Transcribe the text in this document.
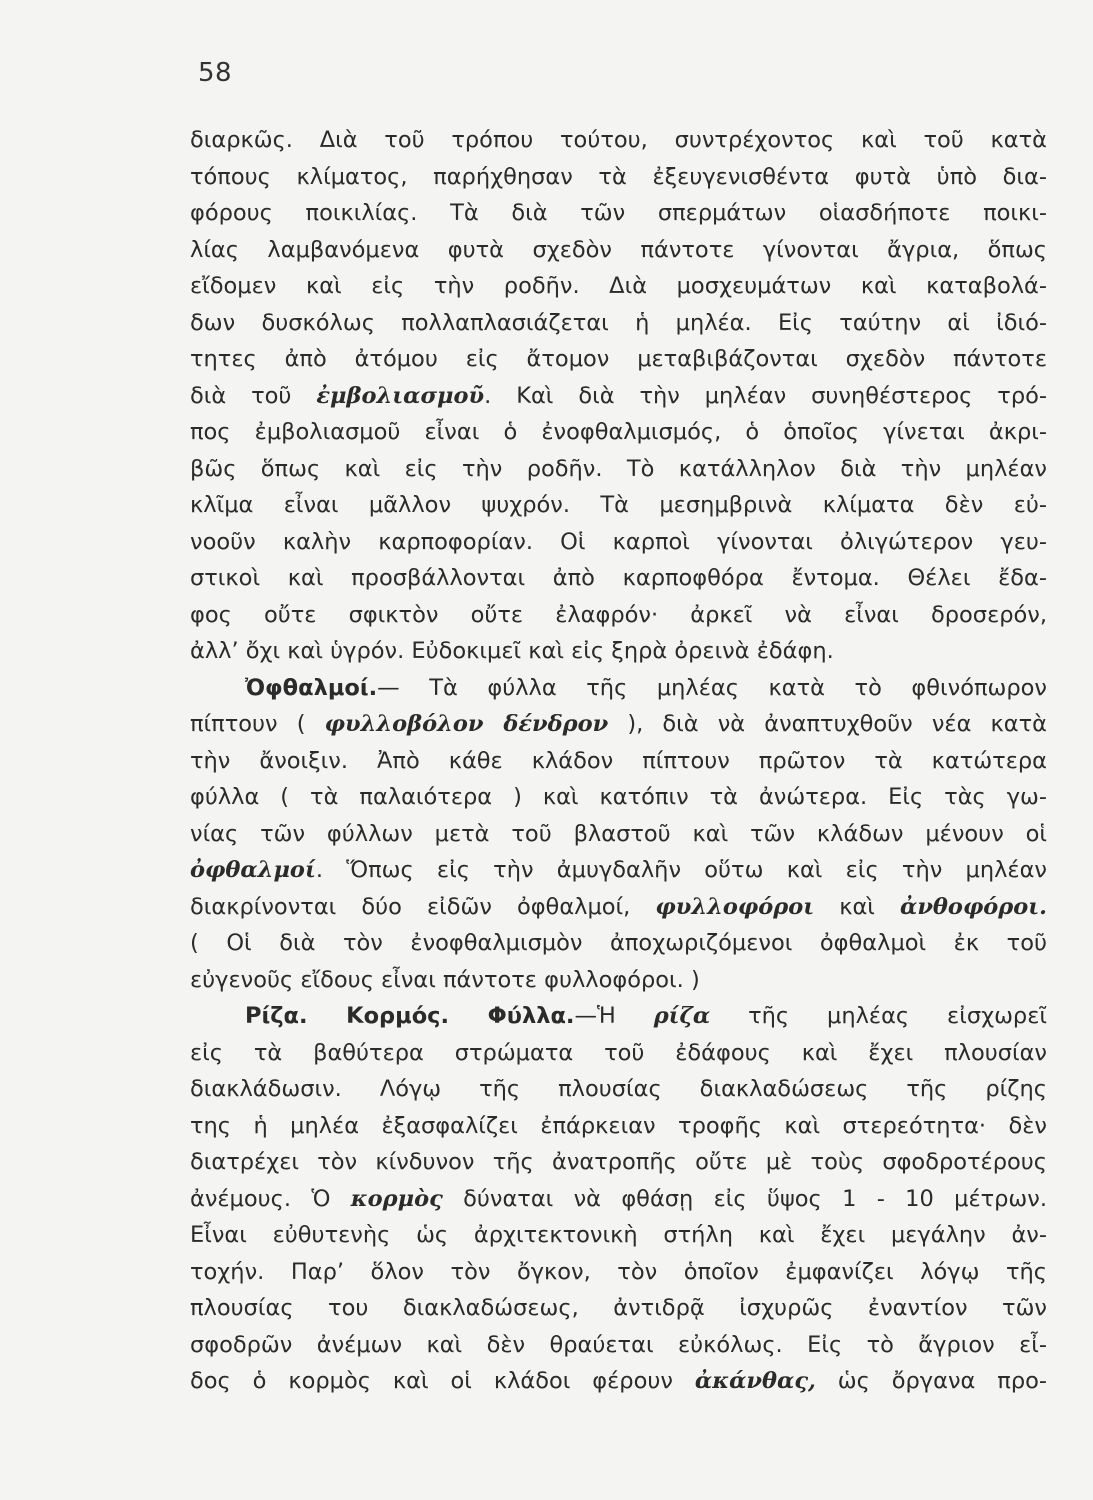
58
διαρκῶς. Διὰ τοῦ τρόπου τούτου, συντρέχοντος καὶ τοῦ κατὰ
τόπους κλίματος, παρήχθησαν τὰ ἐξευγενισθέντα φυτὰ ὑπὸ δια-
φόρους ποικιλίας. Τὰ διὰ τῶν σπερμάτων οἱασδήποτε ποικι-
λίας λαμβανόμενα φυτὰ σχεδὸν πάντοτε γίνονται ἄγρια, ὅπως
εἴδομεν καὶ εἰς τὴν ροδῆν. Διὰ μοσχευμάτων καὶ καταβολά-
δων δυσκόλως πολλαπλασιάζεται ἡ μηλέα. Εἰς ταύτην αἱ ἰδιό-
τητες ἀπὸ ἀτόμου εἰς ἄτομον μεταβιβάζονται σχεδὸν πάντοτε
διὰ τοῦ ἐμβολιασμοῦ. Καὶ διὰ τὴν μηλέαν συνηθέστερος τρό-
πος ἐμβολιασμοῦ εἶναι ὁ ἐνοφθαλμισμός, ὁ ὁποῖος γίνεται ἀκρι-
βῶς ὅπως καὶ εἰς τὴν ροδῆν. Τὸ κατάλληλον διὰ τὴν μηλέαν
κλῖμα εἶναι μᾶλλον ψυχρόν. Τὰ μεσημβρινὰ κλίματα δὲν εὐ-
νοοῦν καλὴν καρποφορίαν. Οἱ καρποὶ γίνονται ὀλιγώτερον γευ-
στικοὶ καὶ προσβάλλονται ἀπὸ καρποφθόρα ἔντομα. Θέλει ἔδα-
φος οὔτε σφικτὸν οὔτε ἐλαφρόν· ἀρκεῖ νὰ εἶναι δροσερόν,
ἀλλ’ ὄχι καὶ ὑγρόν. Εὐδοκιμεῖ καὶ εἰς ξηρὰ ὀρεινὰ ἐδάφη.
Ὀφθαλμοί.— Τὰ φύλλα τῆς μηλέας κατὰ τὸ φθινόπωρον
πίπτουν ( φυλλοβόλον δένδρον ), διὰ νὰ ἀναπτυχθοῦν νέα κατὰ
τὴν ἄνοιξιν. Ἀπὸ κάθε κλάδον πίπτουν πρῶτον τὰ κατώτερα
φύλλα ( τὰ παλαιότερα ) καὶ κατόπιν τὰ ἀνώτερα. Εἰς τὰς γω-
νίας τῶν φύλλων μετὰ τοῦ βλαστοῦ καὶ τῶν κλάδων μένουν οἱ
ὀφθαλμοί. Ὅπως εἰς τὴν ἀμυγδαλῆν οὕτω καὶ εἰς τὴν μηλέαν
διακρίνονται δύο εἰδῶν ὀφθαλμοί, φυλλοφόροι καὶ ἀνθοφόροι.
( Οἱ διὰ τὸν ἐνοφθαλμισμὸν ἀποχωριζόμενοι ὀφθαλμοὶ ἐκ τοῦ
εὐγενοῦς εἴδους εἶναι πάντοτε φυλλοφόροι. )
Ρίζα. Κορμός. Φύλλα.—Ἡ ρίζα τῆς μηλέας εἰσχωρεῖ
εἰς τὰ βαθύτερα στρώματα τοῦ ἐδάφους καὶ ἔχει πλουσίαν
διακλάδωσιν. Λόγῳ τῆς πλουσίας διακλαδώσεως τῆς ρίζης
της ἡ μηλέα ἐξασφαλίζει ἐπάρκειαν τροφῆς καὶ στερεότητα· δὲν
διατρέχει τὸν κίνδυνον τῆς ἀνατροπῆς οὔτε μὲ τοὺς σφοδροτέρους
ἀνέμους. Ὁ κορμὸς δύναται νὰ φθάσῃ εἰς ὕψος 1 - 10 μέτρων.
Εἶναι εὐθυτενὴς ὡς ἀρχιτεκτονικὴ στήλη καὶ ἔχει μεγάλην ἀν-
τοχήν. Παρ’ ὅλον τὸν ὄγκον, τὸν ὁποῖον ἐμφανίζει λόγῳ τῆς
πλουσίας του διακλαδώσεως, ἀντιδρᾷ ἰσχυρῶς ἐναντίον τῶν
σφοδρῶν ἀνέμων καὶ δὲν θραύεται εὐκόλως. Εἰς τὸ ἄγριον εἶ-
δος ὁ κορμὸς καὶ οἱ κλάδοι φέρουν ἀκάνθας, ὡς ὄργανα προ-
